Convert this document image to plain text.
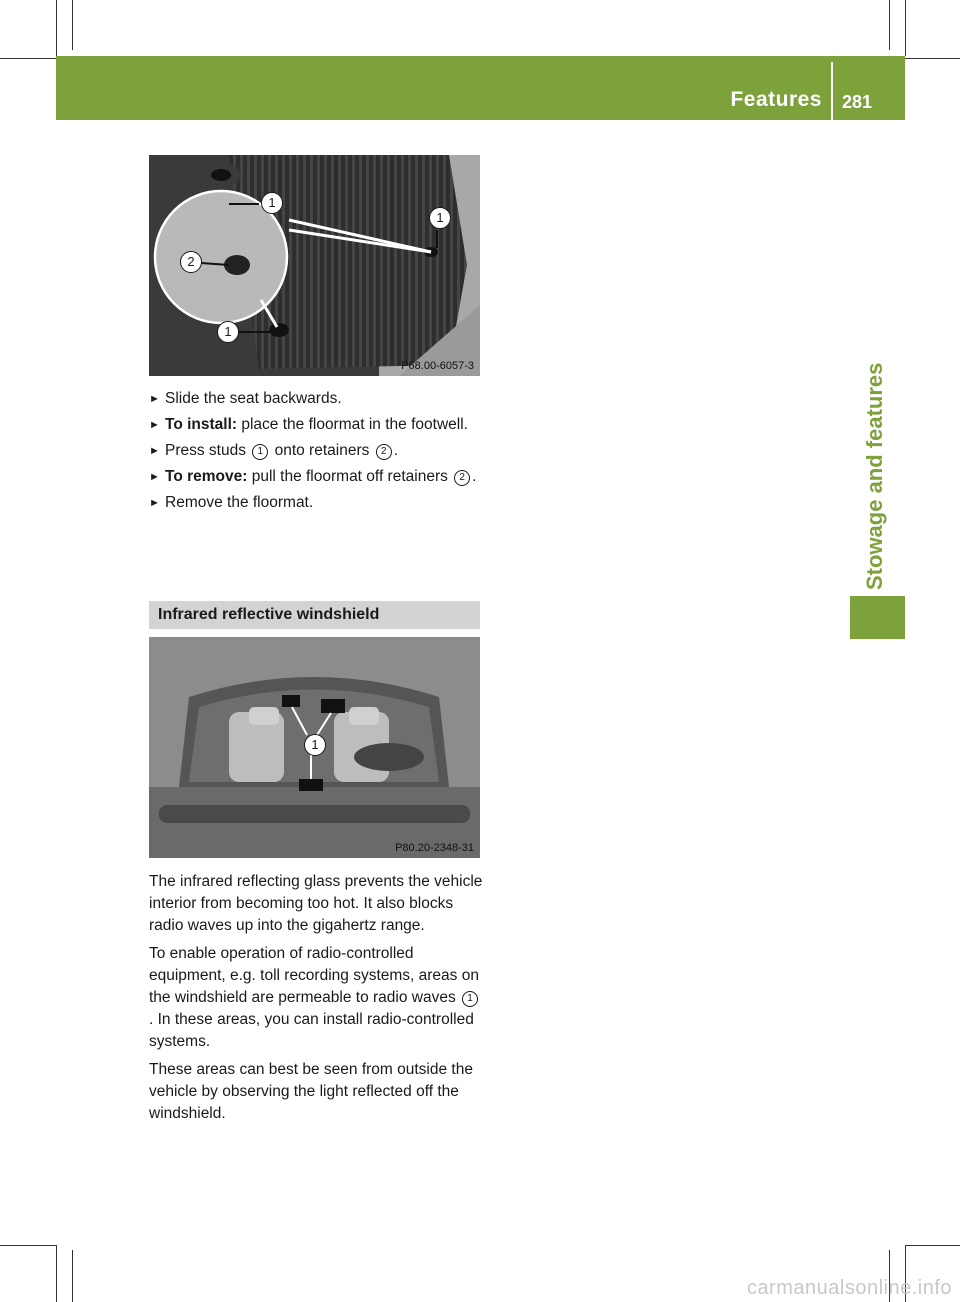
Features 281
Stowage and features
1
1
2
1
P68.00-6057-3
► Slide the seat backwards.
► To install: place the floormat in the footwell.
► Press studs 1 onto retainers 2 .
► To remove: pull the floormat off retainers 2 .
► Remove the floormat.
Infrared reflective windshield
1
P80.20-2348-31

The infrared reflecting glass prevents the vehicle interior from becoming too hot. It also blocks radio waves up into the gigahertz range.

To enable operation of radio-controlled equipment, e.g. toll recording systems, areas on the windshield are permeable to radio waves 1. In these areas, you can install radio-controlled systems.

These areas can best be seen from outside the vehicle by observing the light reflected off the windshield.

carmanualsonline.info
